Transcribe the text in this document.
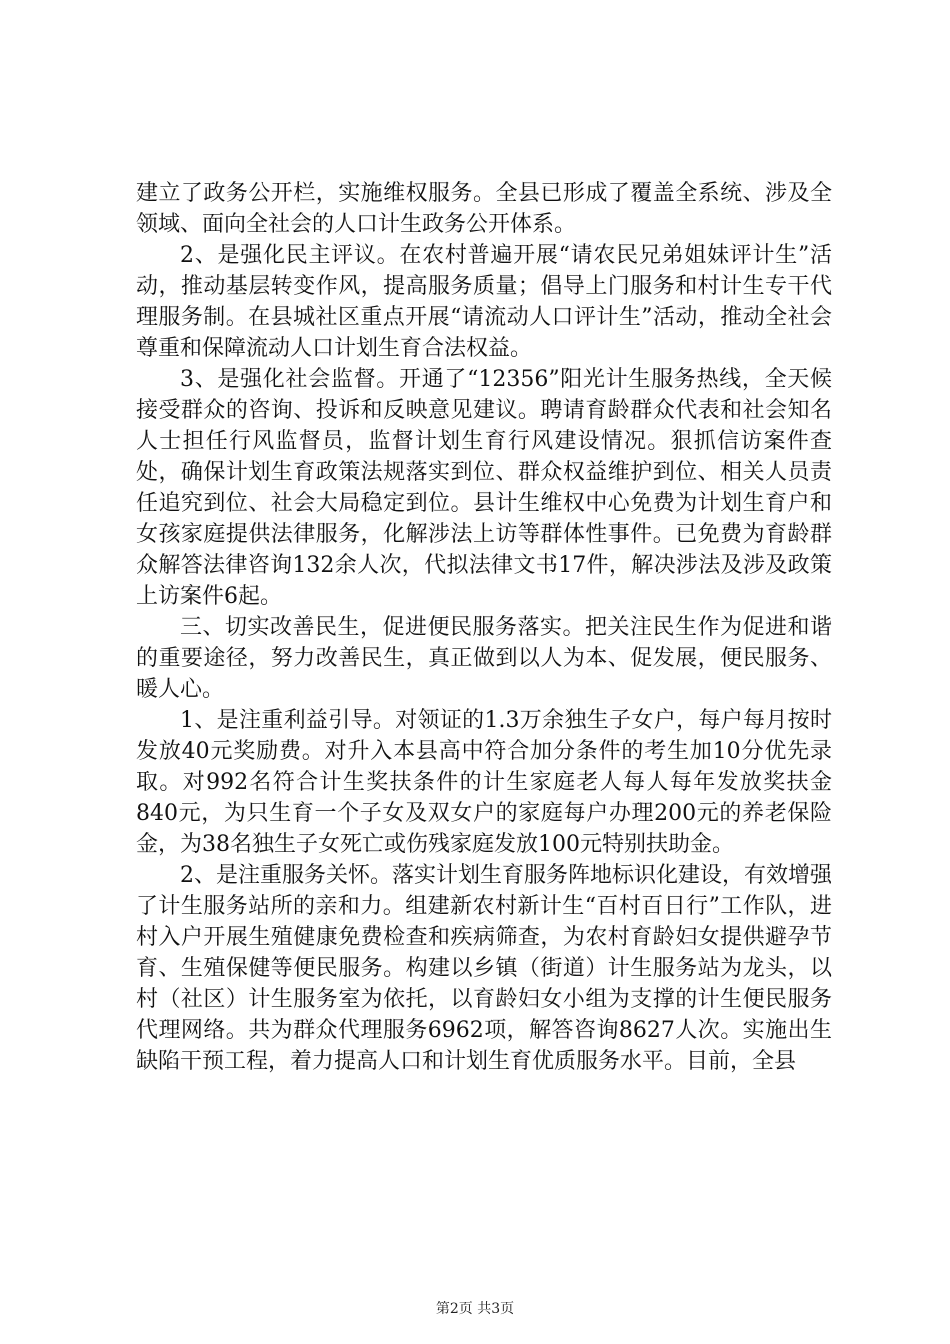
建立了政务公开栏，实施维权服务。全县已形成了覆盖全系统、涉及全领域、面向全社会的人口计生政务公开体系。

2、是强化民主评议。在农村普遍开展“请农民兄弟姐妹评计生”活动，推动基层转变作风，提高服务质量；倡导上门服务和村计生专干代理服务制。在县城社区重点开展“请流动人口评计生”活动，推动全社会尊重和保障流动人口计划生育合法权益。

3、是强化社会监督。开通了“12356”阳光计生服务热线，全天候接受群众的咨询、投诉和反映意见建议。聘请育龄群众代表和社会知名人士担任行风监督员，监督计划生育行风建设情况。狠抓信访案件查处，确保计划生育政策法规落实到位、群众权益维护到位、相关人员责任追究到位、社会大局稳定到位。县计生维权中心免费为计划生育户和女孩家庭提供法律服务，化解涉法上访等群体性事件。已免费为育龄群众解答法律咨询132余人次，代拟法律文书17件，解决涉法及涉及政策上访案件6起。

三、切实改善民生，促进便民服务落实。把关注民生作为促进和谐的重要途径，努力改善民生，真正做到以人为本、促发展，便民服务、暖人心。

1、是注重利益引导。对领证的1.3万余独生子女户，每户每月按时发放40元奖励费。对升入本县高中符合加分条件的考生加10分优先录取。对992名符合计生奖扶条件的计生家庭老人每人每年发放奖扶金840元，为只生育一个子女及双女户的家庭每户办理200元的养老保险金，为38名独生子女死亡或伤残家庭发放100元特别扶助金。

2、是注重服务关怀。落实计划生育服务阵地标识化建设，有效增强了计生服务站所的亲和力。组建新农村新计生“百村百日行”工作队，进村入户开展生殖健康免费检查和疾病筛查，为农村育龄妇女提供避孕节育、生殖保健等便民服务。构建以乡镇（街道）计生服务站为龙头，以村（社区）计生服务室为依托，以育龄妇女小组为支撑的计生便民服务代理网络。共为群众代理服务6962项，解答咨询8627人次。实施出生缺陷干预工程，着力提高人口和计划生育优质服务水平。目前，全县

第2页 共3页
